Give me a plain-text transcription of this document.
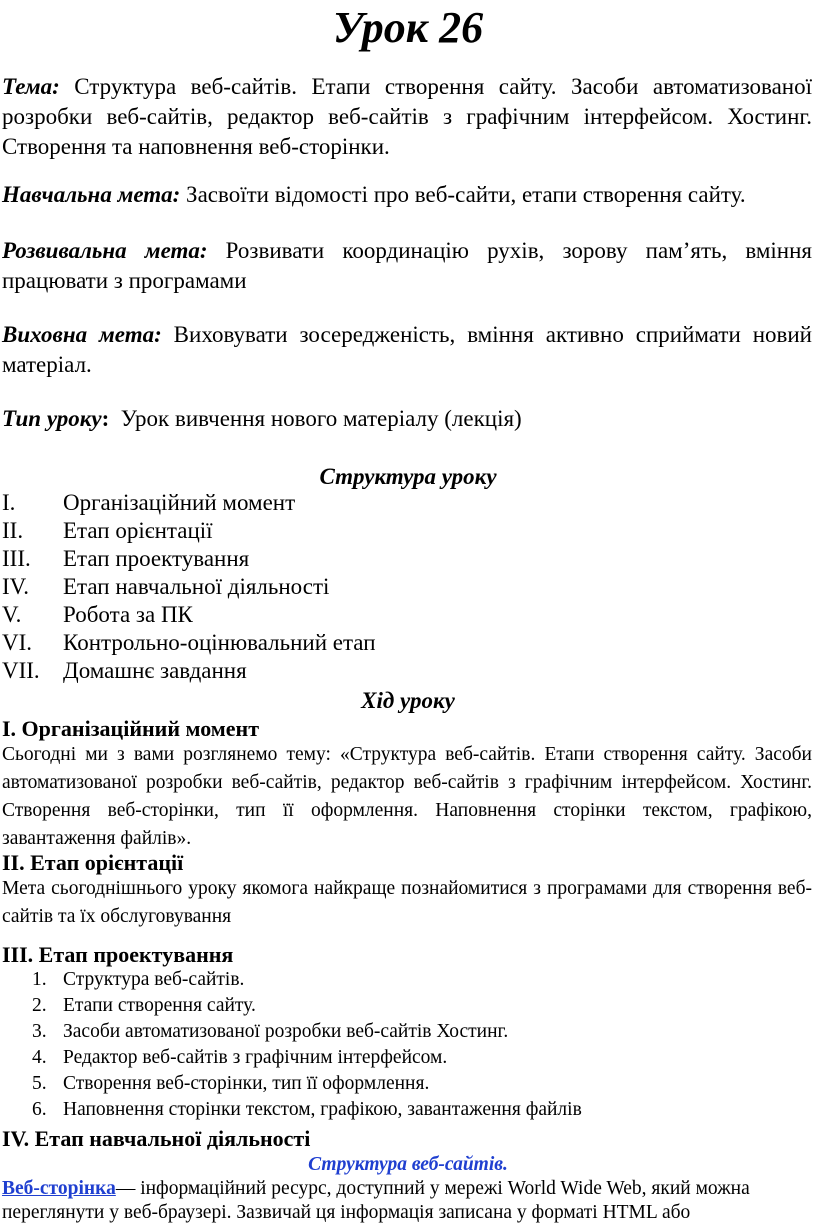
Урок 26
Тема: Структура веб-сайтів. Етапи створення сайту. Засоби автоматизованої розробки веб-сайтів, редактор веб-сайтів з графічним інтерфейсом. Хостинг. Створення та наповнення веб-сторінки.
Навчальна мета: Засвоїти відомості про веб-сайти, етапи створення сайту.
Розвивальна мета: Розвивати координацію рухів, зорову пам’ять, вміння працювати з програмами
Виховна мета: Виховувати зосередженість, вміння активно сприймати новий матеріал.
Тип уроку:  Урок вивчення нового матеріалу (лекція)
Структура уроку
I. Організаційний момент
II. Етап орієнтації
III. Етап проектування
IV. Етап навчальної діяльності
V. Робота за ПК
VI. Контрольно-оцінювальний етап
VII. Домашнє завдання
Хід уроку
I. Організаційний момент
Сьогодні ми з вами розглянемо тему: «Структура веб-сайтів. Етапи створення сайту. Засоби автоматизованої розробки веб-сайтів, редактор веб-сайтів з графічним інтерфейсом. Хостинг. Створення веб-сторінки, тип її оформлення. Наповнення сторінки текстом, графікою, завантаження файлів».
II. Етап орієнтації
Мета сьогоднішнього уроку якомога найкраще познайомитися з програмами для створення веб-сайтів та їх обслуговування
III. Етап проектування
1. Структура веб-сайтів.
2. Етапи створення сайту.
3. Засоби автоматизованої розробки веб-сайтів Хостинг.
4. Редактор веб-сайтів з графічним інтерфейсом.
5. Створення веб-сторінки, тип її оформлення.
6. Наповнення сторінки текстом, графікою, завантаження файлів
IV. Етап навчальної діяльності
Структура веб-сайтів.
Веб-сторінка— інформаційний ресурс, доступний у мережі World Wide Web, який можна
переглянути у веб-браузері. Зазвичай ця інформація записана у форматі HTML або
